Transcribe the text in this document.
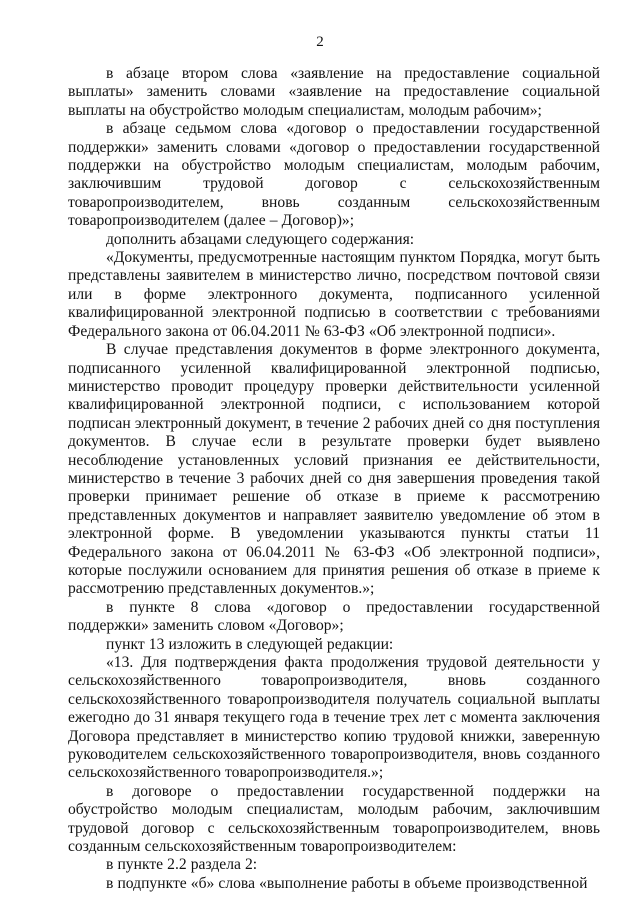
2

в абзаце втором слова «заявление на предоставление социальной выплаты» заменить словами «заявление на предоставление социальной выплаты на обустройство молодым специалистам, молодым рабочим»;

в абзаце седьмом слова «договор о предоставлении государственной поддержки» заменить словами «договор о предоставлении государственной поддержки на обустройство молодым специалистам, молодым рабочим, заключившим трудовой договор с сельскохозяйственным товаропроизводителем, вновь созданным сельскохозяйственным товаропроизводителем (далее – Договор)»;

дополнить абзацами следующего содержания:

«Документы, предусмотренные настоящим пунктом Порядка, могут быть представлены заявителем в министерство лично, посредством почтовой связи или в форме электронного документа, подписанного усиленной квалифицированной электронной подписью в соответствии с требованиями Федерального закона от 06.04.2011 № 63-ФЗ «Об электронной подписи».

В случае представления документов в форме электронного документа, подписанного усиленной квалифицированной электронной подписью, министерство проводит процедуру проверки действительности усиленной квалифицированной электронной подписи, с использованием которой подписан электронный документ, в течение 2 рабочих дней со дня поступления документов. В случае если в результате проверки будет выявлено несоблюдение установленных условий признания ее действительности, министерство в течение 3 рабочих дней со дня завершения проведения такой проверки принимает решение об отказе в приеме к рассмотрению представленных документов и направляет заявителю уведомление об этом в электронной форме. В уведомлении указываются пункты статьи 11 Федерального закона от 06.04.2011 № 63-ФЗ «Об электронной подписи», которые послужили основанием для принятия решения об отказе в приеме к рассмотрению представленных документов.»;

в пункте 8 слова «договор о предоставлении государственной поддержки» заменить словом «Договор»;

пункт 13 изложить в следующей редакции:

«13. Для подтверждения факта продолжения трудовой деятельности у сельскохозяйственного товаропроизводителя, вновь созданного сельскохозяйственного товаропроизводителя получатель социальной выплаты ежегодно до 31 января текущего года в течение трех лет с момента заключения Договора представляет в министерство копию трудовой книжки, заверенную руководителем сельскохозяйственного товаропроизводителя, вновь созданного сельскохозяйственного товаропроизводителя.»;

в договоре о предоставлении государственной поддержки на обустройство молодым специалистам, молодым рабочим, заключившим трудовой договор с сельскохозяйственным товаропроизводителем, вновь созданным сельскохозяйственным товаропроизводителем:

в пункте 2.2 раздела 2:

в подпункте «б» слова «выполнение работы в объеме производственной
